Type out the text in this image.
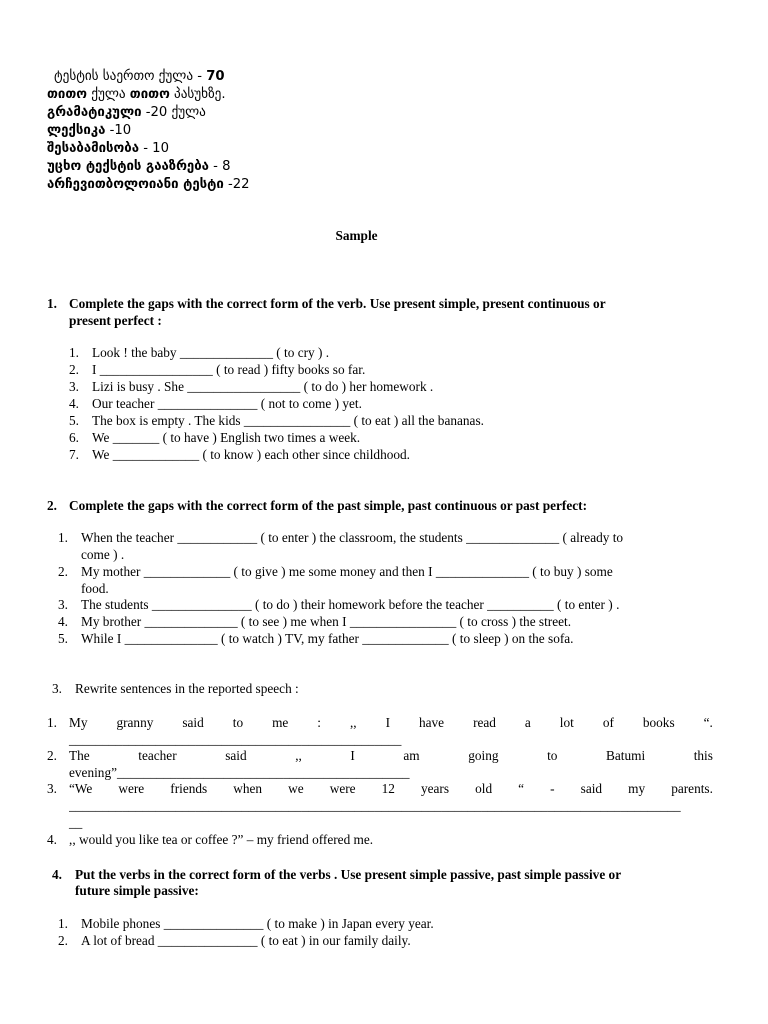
ტესტის საერთო ქულა - 70
თითო ქულა თითო პასუხზე.
გრამატიკული -20 ქულა
ლექსიკა -10
შესაბამისობა - 10
უცხო ტექსტის გააზრება - 8
არჩევითბოლოიანი ტესტი -22
Sample
1. Complete the gaps with the correct form of the verb. Use present simple, present continuous or
present perfect :
1. Look ! the baby ______________ ( to cry ) .
2. I _________________ ( to read ) fifty books so far.
3. Lizi is busy . She _________________ ( to do ) her homework .
4. Our teacher _______________ ( not to come ) yet.
5. The box is empty . The kids ________________ ( to eat ) all the bananas.
6. We _______ ( to have ) English two times a week.
7. We _____________ ( to know ) each other since childhood.
2. Complete the gaps with the correct form of the past simple, past continuous or past perfect:
1. When the teacher ____________ ( to enter ) the classroom, the students ______________ ( already to
come ) .
2. My mother _____________ ( to give ) me some money and then I ______________ ( to buy ) some
food.
3. The students _______________ ( to do ) their homework before the teacher __________ ( to enter ) .
4. My brother ______________ ( to see ) me when I ________________ ( to cross ) the street.
5. While I ______________ ( to watch ) TV, my father _____________ ( to sleep ) on the sofa.
3. Rewrite sentences in the reported speech :
1. My granny said to me : ,, I have read a lot of books “.
__________________________________________________
2. The	teacher	said	,,	I	am	going	to	Batumi	this
evening”____________________________________________
3. “We were friends when we were 12 years old “ - said my parents.
____________________________________________________________________________________________
__
4. ,, would you like tea or coffee ?” – my friend offered me.
4. Put the verbs in the correct form of the verbs . Use present simple passive, past simple passive or
future simple passive:
1. Mobile phones _______________ ( to make ) in Japan every year.
2. A lot of bread _______________ ( to eat ) in our family daily.
